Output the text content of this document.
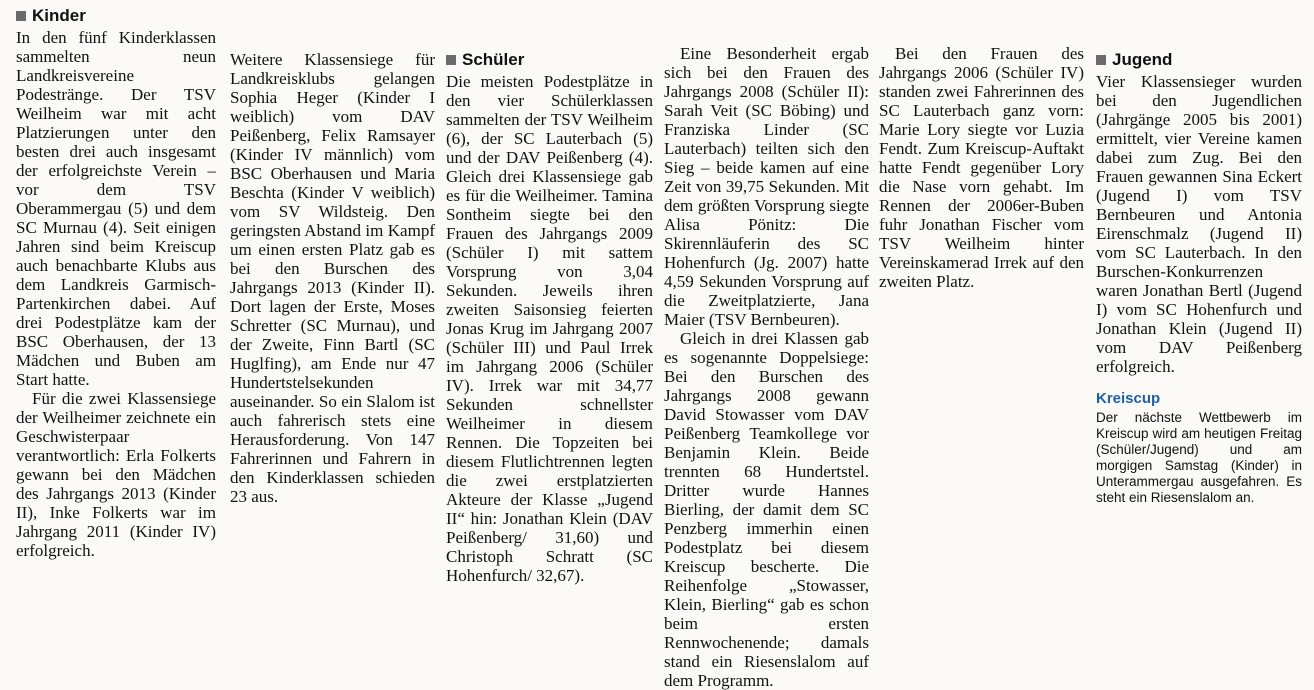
Kinder

In den fünf Kinderklassen sammelten neun Landkreisvereine Podestränge. Der TSV Weilheim war mit acht Platzierungen unter den besten drei auch insgesamt der erfolgreichste Verein – vor dem TSV Oberammergau (5) und dem SC Murnau (4). Seit einigen Jahren sind beim Kreiscup auch benachbarte Klubs aus dem Landkreis Garmisch-Partenkirchen dabei. Auf drei Podestplätze kam der BSC Oberhausen, der 13 Mädchen und Buben am Start hatte.

Für die zwei Klassensiege der Weilheimer zeichnete ein Geschwisterpaar verantwortlich: Erla Folkerts gewann bei den Mädchen des Jahrgangs 2013 (Kinder II), Inke Folkerts war im Jahrgang 2011 (Kinder IV) erfolgreich.

Weitere Klassensiege für Landkreisklubs gelangen Sophia Heger (Kinder I weiblich) vom DAV Peißenberg, Felix Ramsayer (Kinder IV männlich) vom BSC Oberhausen und Maria Beschta (Kinder V weiblich) vom SV Wildsteig. Den geringsten Abstand im Kampf um einen ersten Platz gab es bei den Burschen des Jahrgangs 2013 (Kinder II). Dort lagen der Erste, Moses Schretter (SC Murnau), und der Zweite, Finn Bartl (SC Huglfing), am Ende nur 47 Hundertstelsekunden auseinander. So ein Slalom ist auch fahrerisch stets eine Herausforderung. Von 147 Fahrerinnen und Fahrern in den Kinderklassen schieden 23 aus.

Schüler

Die meisten Podestplätze in den vier Schülerklassen sammelten der TSV Weilheim (6), der SC Lauterbach (5) und der DAV Peißenberg (4). Gleich drei Klassensiege gab es für die Weilheimer. Tamina Sontheim siegte bei den Frauen des Jahrgangs 2009 (Schüler I) mit sattem Vorsprung von 3,04 Sekunden. Jeweils ihren zweiten Saisonsieg feierten Jonas Krug im Jahrgang 2007 (Schüler III) und Paul Irrek im Jahrgang 2006 (Schüler IV). Irrek war mit 34,77 Sekunden schnellster Weilheimer in diesem Rennen. Die Topzeiten bei diesem Flutlichtrennen legten die zwei erstplatzierten Akteure der Klasse „Jugend II“ hin: Jonathan Klein (DAV Peißenberg/ 31,60) und Christoph Schratt (SC Hohenfurch/ 32,67).

Eine Besonderheit ergab sich bei den Frauen des Jahrgangs 2008 (Schüler II): Sarah Veit (SC Böbing) und Franziska Linder (SC Lauterbach) teilten sich den Sieg – beide kamen auf eine Zeit von 39,75 Sekunden. Mit dem größten Vorsprung siegte Alisa Pönitz: Die Skirennläuferin des SC Hohenfurch (Jg. 2007) hatte 4,59 Sekunden Vorsprung auf die Zweitplatzierte, Jana Maier (TSV Bernbeuren).

Gleich in drei Klassen gab es sogenannte Doppelsiege: Bei den Burschen des Jahrgangs 2008 gewann David Stowasser vom DAV Peißenberg Teamkollege vor Benjamin Klein. Beide trennten 68 Hundertstel. Dritter wurde Hannes Bierling, der damit dem SC Penzberg immerhin einen Podestplatz bei diesem Kreiscup bescherte. Die Reihenfolge „Stowasser, Klein, Bierling“ gab es schon beim ersten Rennwochenende; damals stand ein Riesenslalom auf dem Programm.

Bei den Frauen des Jahrgangs 2006 (Schüler IV) standen zwei Fahrerinnen des SC Lauterbach ganz vorn: Marie Lory siegte vor Luzia Fendt. Zum Kreiscup-Auftakt hatte Fendt gegenüber Lory die Nase vorn gehabt. Im Rennen der 2006er-Buben fuhr Jonathan Fischer vom TSV Weilheim hinter Vereinskamerad Irrek auf den zweiten Platz.

Jugend

Vier Klassensieger wurden bei den Jugendlichen (Jahrgänge 2005 bis 2001) ermittelt, vier Vereine kamen dabei zum Zug. Bei den Frauen gewannen Sina Eckert (Jugend I) vom TSV Bernbeuren und Antonia Eirenschmalz (Jugend II) vom SC Lauterbach. In den Burschen-Konkurrenzen waren Jonathan Bertl (Jugend I) vom SC Hohenfurch und Jonathan Klein (Jugend II) vom DAV Peißenberg erfolgreich.

Kreiscup

Der nächste Wettbewerb im Kreiscup wird am heutigen Freitag (Schüler/Jugend) und am morgigen Samstag (Kinder) in Unterammergau ausgefahren. Es steht ein Riesenslalom an.
